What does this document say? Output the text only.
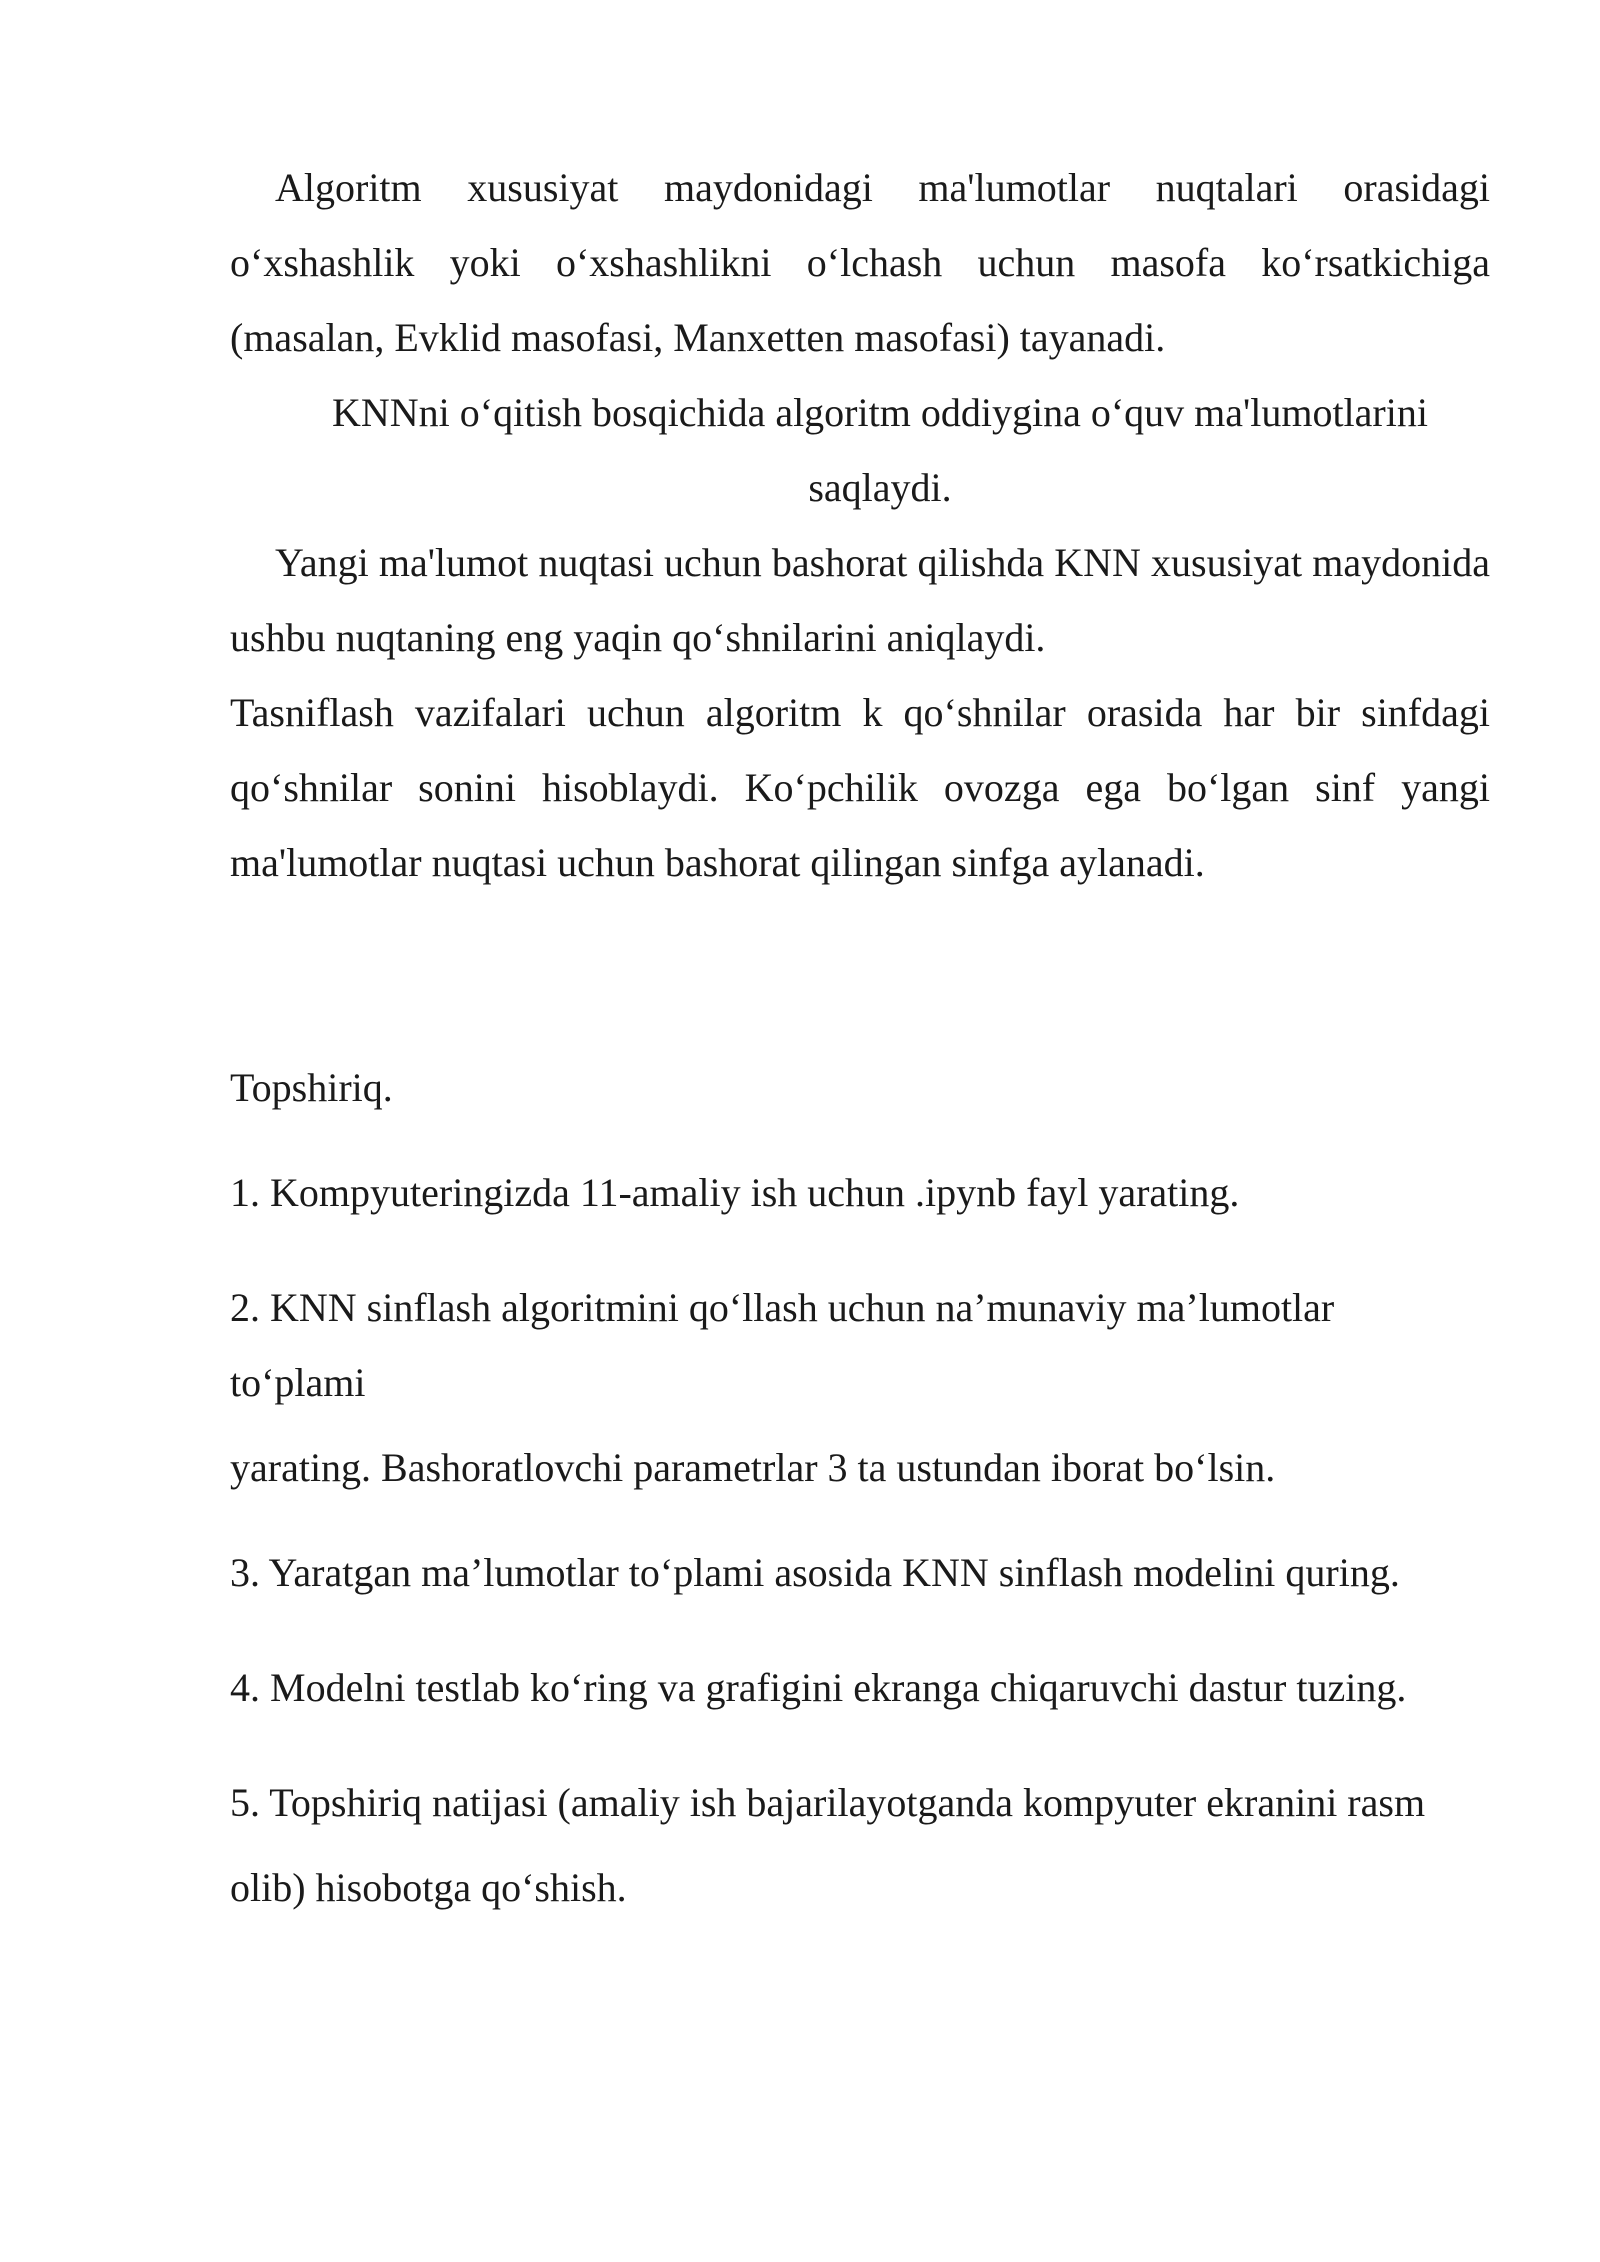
Algoritm xususiyat maydonidagi ma'lumotlar nuqtalari orasidagi o‘xshashlik yoki o‘xshashlikni o‘lchash uchun masofa ko‘rsatkichiga (masalan, Evklid masofasi, Manxetten masofasi) tayanadi.

KNNni o‘qitish bosqichida algoritm oddiygina o‘quv ma'lumotlarini saqlaydi.

Yangi ma'lumot nuqtasi uchun bashorat qilishda KNN xususiyat maydonida ushbu nuqtaning eng yaqin qo‘shnilarini aniqlaydi.

Tasniflash vazifalari uchun algoritm k qo‘shnilar orasida har bir sinfdagi qo‘shnilar sonini hisoblaydi. Ko‘pchilik ovozga ega bo‘lgan sinf yangi ma'lumotlar nuqtasi uchun bashorat qilingan sinfga aylanadi.

Topshiriq.

1. Kompyuteringizda 11-amaliy ish uchun .ipynb fayl yarating.

2. KNN sinflash algoritmini qo‘llash uchun na’munaviy ma’lumotlar to‘plami

yarating. Bashoratlovchi parametrlar 3 ta ustundan iborat bo‘lsin.

3. Yaratgan ma’lumotlar to‘plami asosida KNN sinflash modelini quring.

4. Modelni testlab ko‘ring va grafigini ekranga chiqaruvchi dastur tuzing.

5. Topshiriq natijasi (amaliy ish bajarilayotganda kompyuter ekranini rasm

olib) hisobotga qo‘shish.
